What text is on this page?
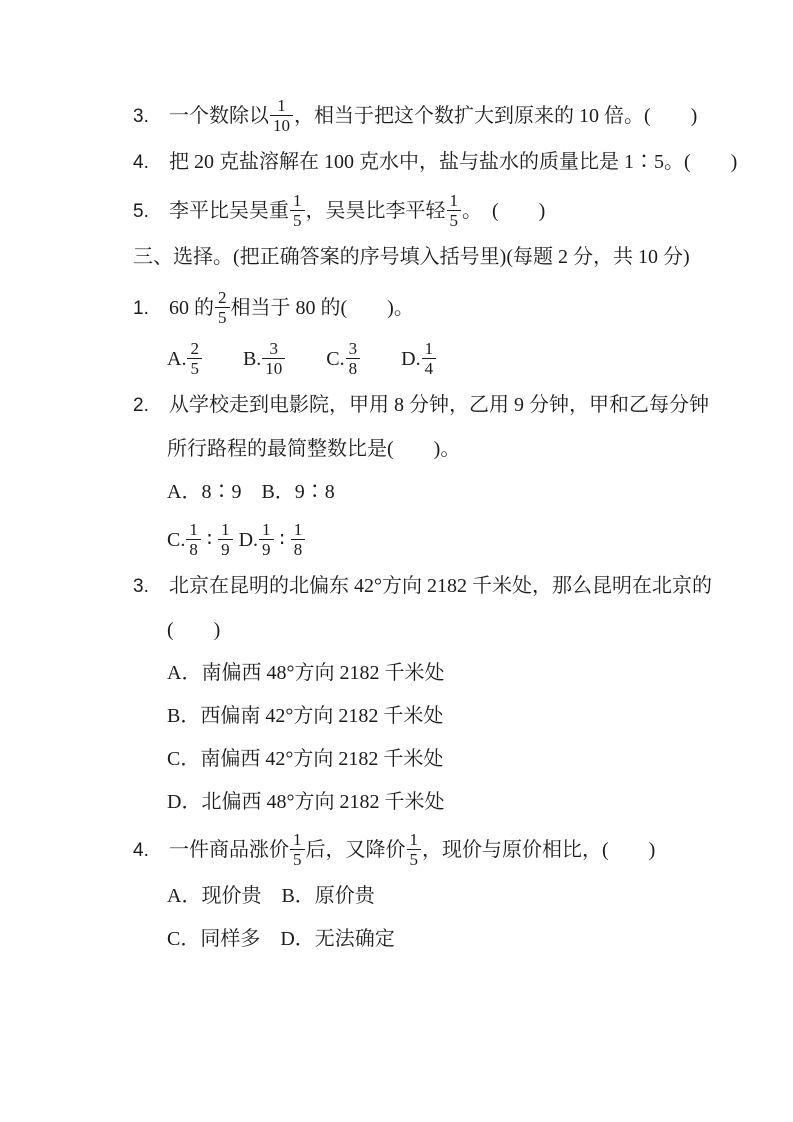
3. 一个数除以 $\frac{1}{10}$ ，相当于把这个数扩大到原来的 10 倍。(　　)
4. 把 20 克盐溶解在 100 克水中，盐与盐水的质量比是 1∶5。(　　)
5. 李平比吴昊重 $\frac{1}{5}$ ，吴昊比李平轻 $\frac{1}{5}$ 。　(　　)
三、选择。(把正确答案的序号填入括号里)(每题 2 分，共 10 分)
1. 60 的 $\frac{2}{5}$ 相当于 80 的(　　)。
A. $\frac{2}{5}$ 　　B. $\frac{3}{10}$ 　　C. $\frac{3}{8}$ 　　D. $\frac{1}{4}$
2. 从学校走到电影院，甲用 8 分钟，乙用 9 分钟，甲和乙每分钟
所行路程的最简整数比是(　　)。
A．8∶9　B．9∶8
C. $\frac{1}{8}$ ∶ $\frac{1}{9} D$. $\frac{1}{9}$ ∶ $\frac{1}{8}$
3. 北京在昆明的北偏东 42°方向 2182 千米处，那么昆明在北京的
(　　)
A．南偏西 48°方向 2182 千米处
B．西偏南 42°方向 2182 千米处
C．南偏西 42°方向 2182 千米处
D．北偏西 48°方向 2182 千米处
4. 一件商品涨价 $\frac{1}{5}$ 后，又降价 $\frac{1}{5}$ ，现价与原价相比，(　　)
A．现价贵　B．原价贵
C．同样多　D．无法确定
